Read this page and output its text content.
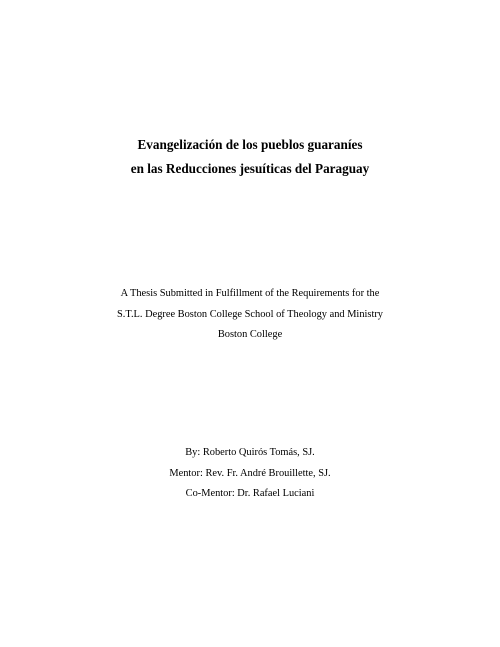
Evangelización de los pueblos guaraníes
en las Reducciones jesuíticas del Paraguay
A Thesis Submitted in Fulfillment of the Requirements for the
S.T.L. Degree Boston College School of Theology and Ministry
Boston College
By: Roberto Quirós Tomás, SJ.
Mentor: Rev. Fr. André Brouillette, SJ.
Co-Mentor: Dr. Rafael Luciani
